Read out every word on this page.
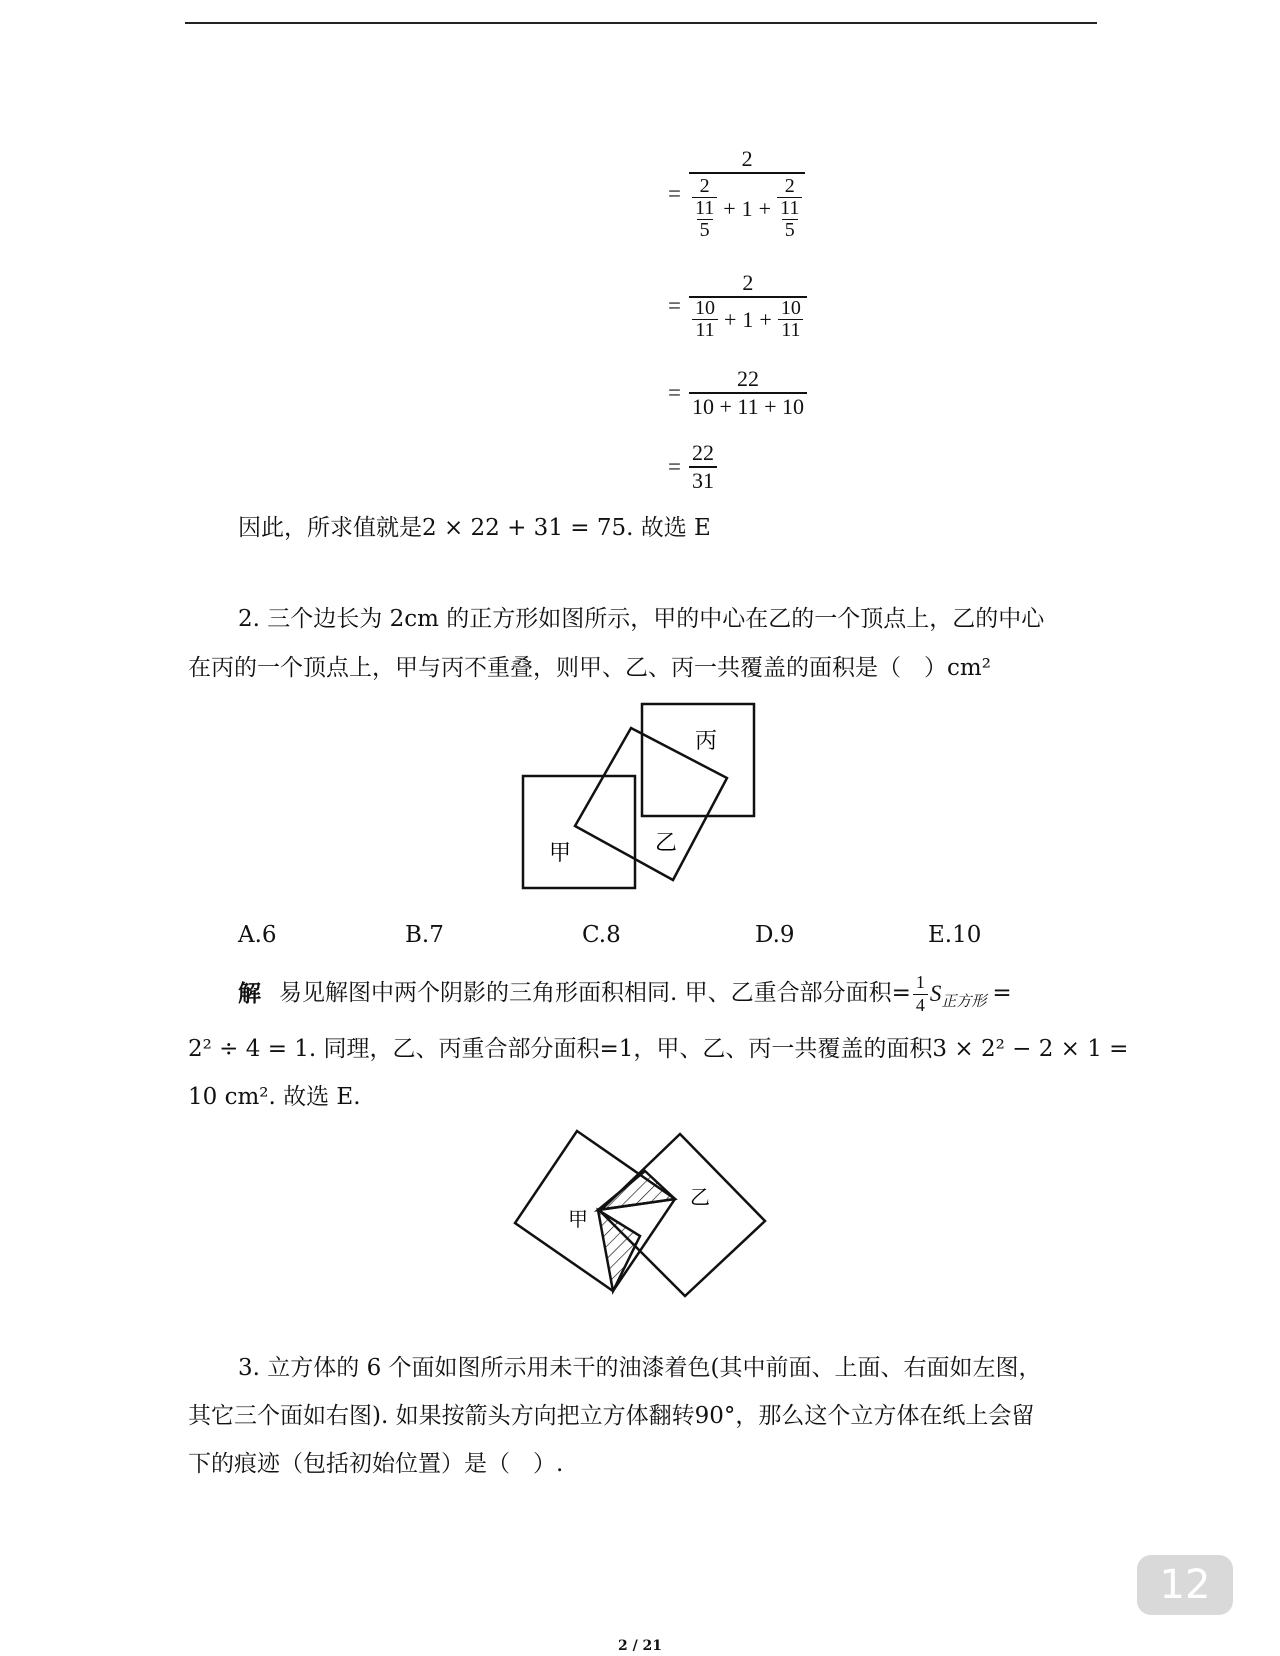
=
2
2
11
5
+ 1 +
2
11
5
=
2
$\frac{10}{11} + 1 + \frac{10}{11}$
= $\frac{22}{10 + 11 + 10}$
= $\frac{22}{31}$
因此，所求值就是2 × 22 + 31 = 75. 故选 E
2. 三个边长为 2cm 的正方形如图所示，甲的中心在乙的一个顶点上，乙的中心
在丙的一个顶点上，甲与丙不重叠，则甲、乙、丙一共覆盖的面积是（　）cm²
甲	乙
丙
A.6	B.7	C.8	D.9	E.10
解 易见解图中两个阴影的三角形面积相同. 甲、乙重合部分面积= $\frac{1}{4}$ S 正方形 =
2² ÷ 4 = 1. 同理，乙、丙重合部分面积=1，甲、乙、丙一共覆盖的面积3 × 2² − 2 × 1 =
10 cm². 故选 E.
甲
乙
3. 立方体的 6 个面如图所示用未干的油漆着色(其中前面、上面、右面如左图，
其它三个面如右图). 如果按箭头方向把立方体翻转90°，那么这个立方体在纸上会留
下的痕迹（包括初始位置）是（　）.
12
2 / 21
